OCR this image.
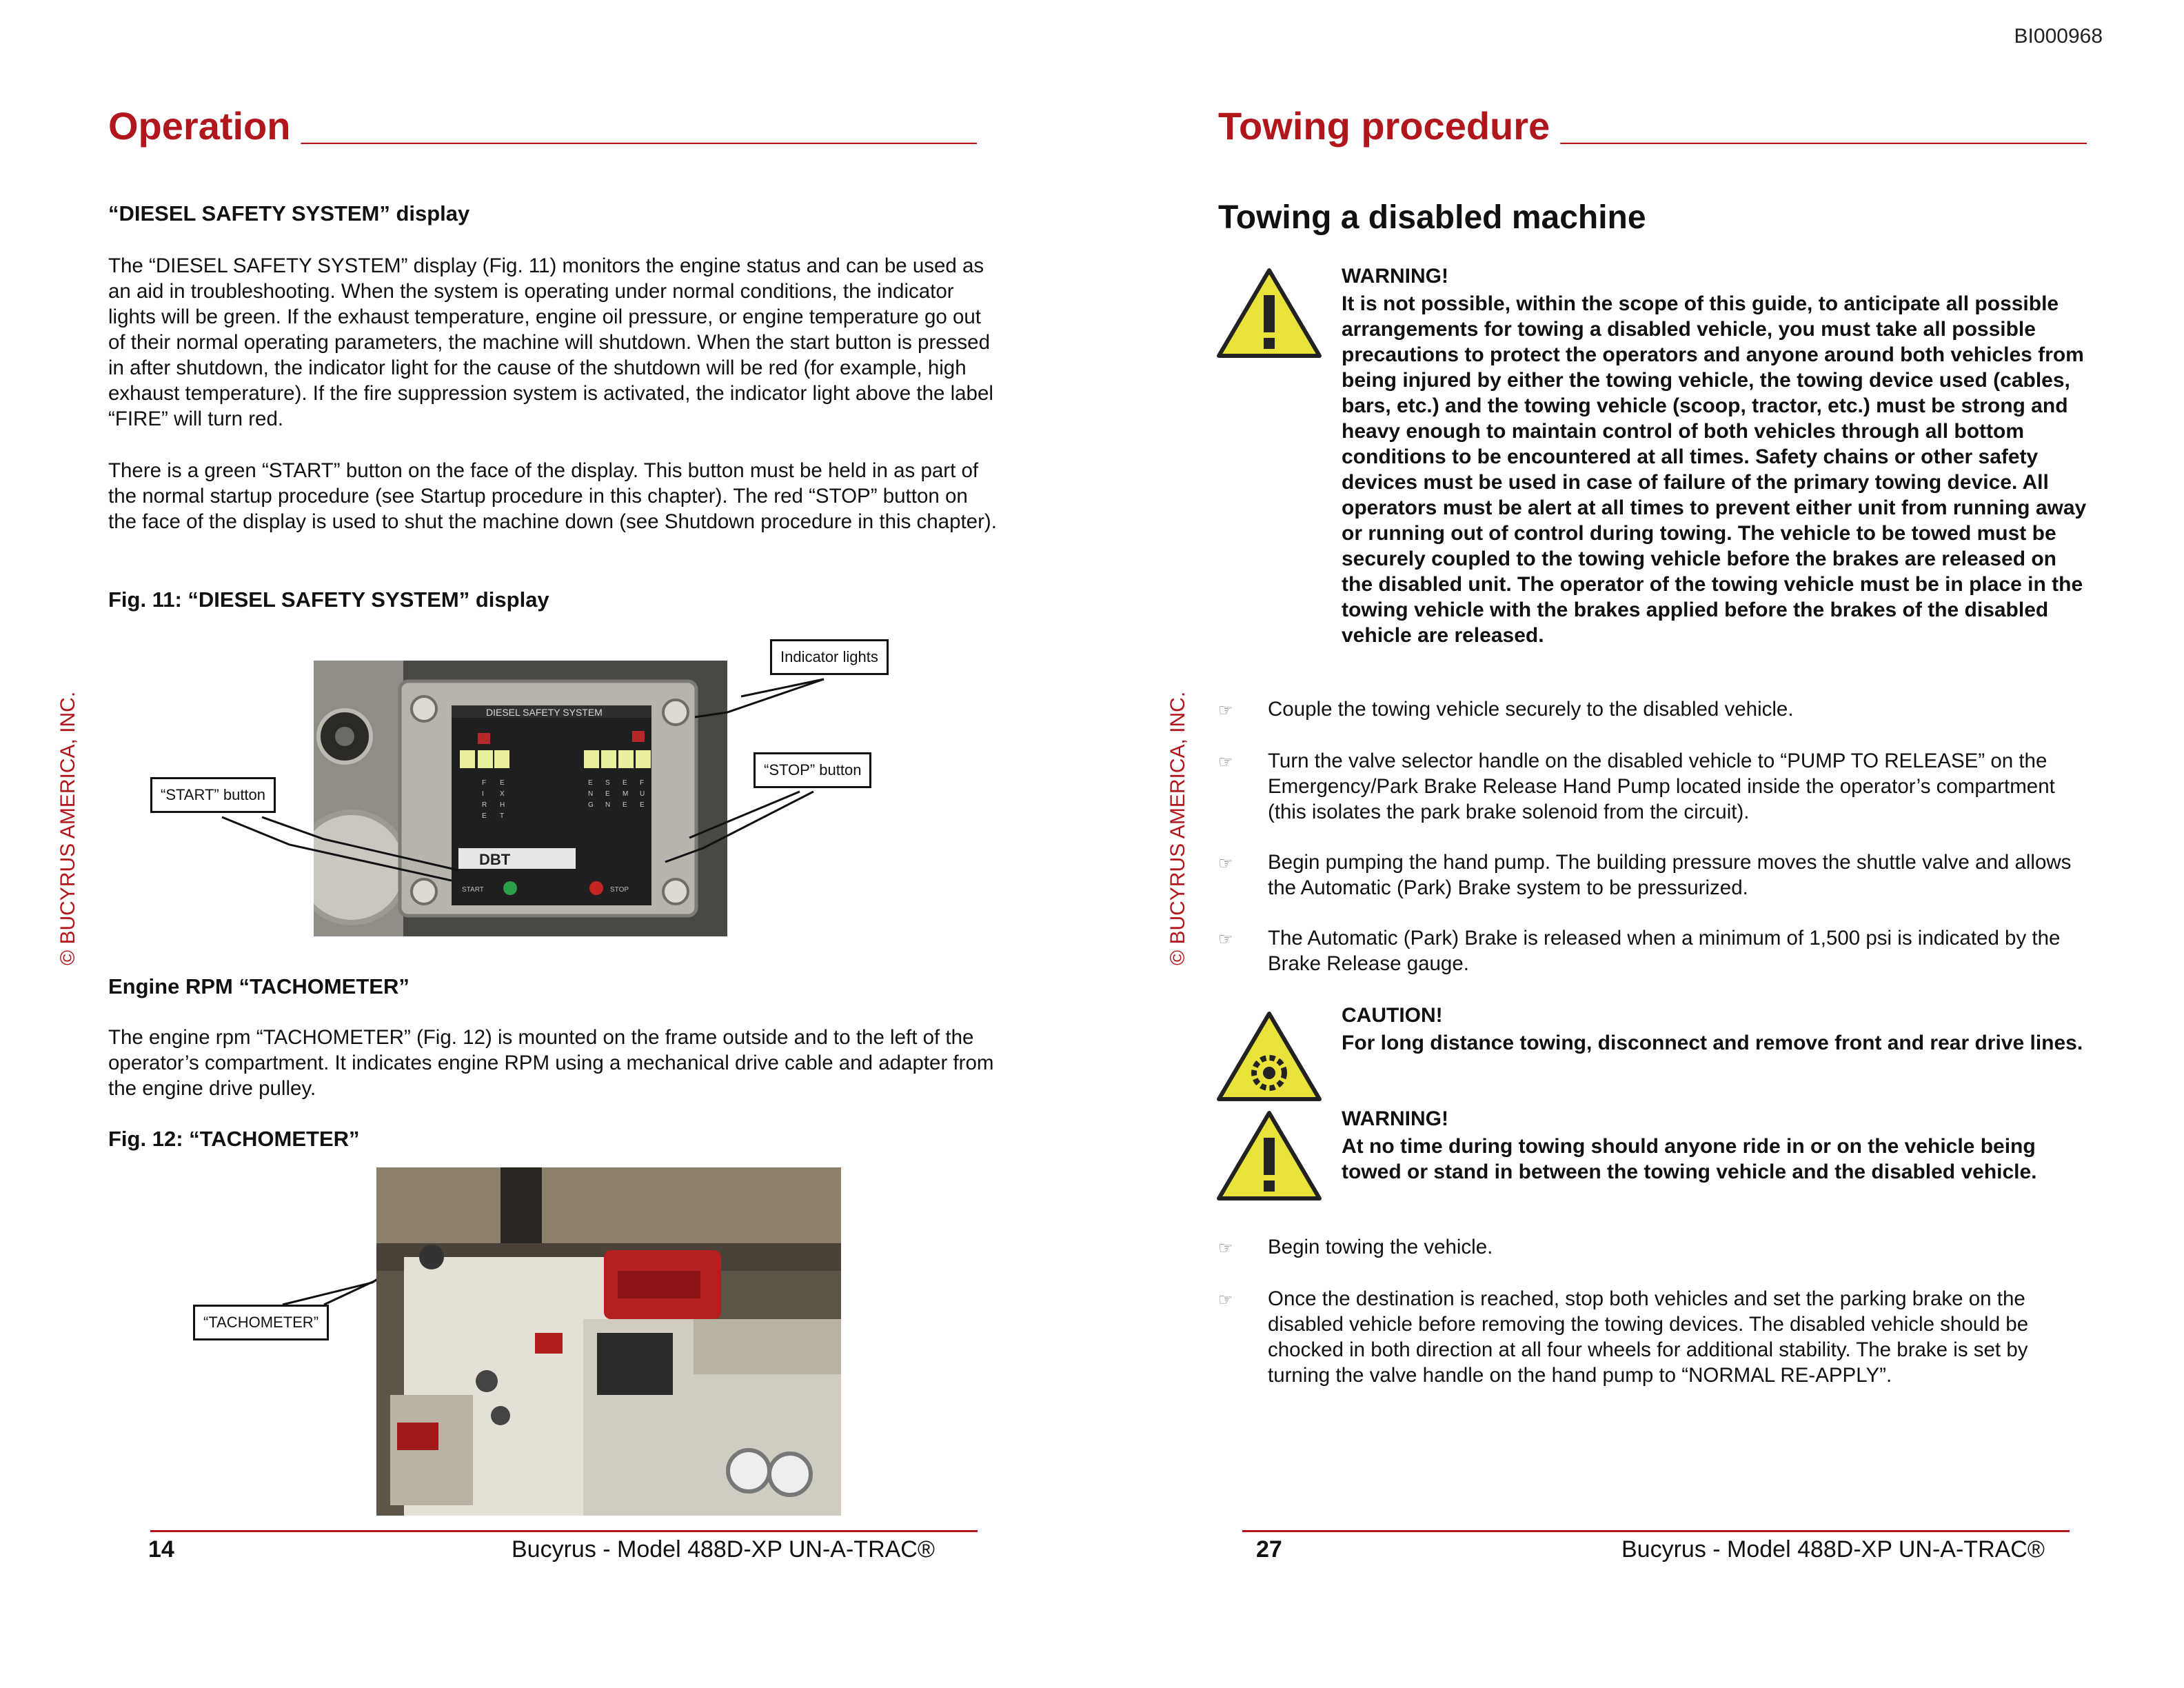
BI000968
Operation _____
© BUCYRUS AMERICA, INC.
“DIESEL SAFETY SYSTEM” display

The “DIESEL SAFETY SYSTEM” display (Fig. 11) monitors the engine status and can be used as an aid in troubleshooting. When the system is operating under normal conditions, the indicator lights will be green. If the exhaust temperature, engine oil pressure, or engine temperature go out of their normal operating parameters, the machine will shutdown. When the start button is pressed in after shutdown, the indicator light for the cause of the shutdown will be red (for example, high exhaust temperature). If the fire suppression system is activated, the indicator light above the label “FIRE” will turn red.

There is a green “START” button on the face of the display. This button must be held in as part of the normal startup procedure (see Startup procedure in this chapter). The red “STOP” button on the face of the display is used to shut the machine down (see Shutdown procedure in this chapter).

Fig. 11: “DIESEL SAFETY SYSTEM” display
DIESEL SAFETY SYSTEM
F
I
R
E
E
X
H
T
E
N
G
S
E
N
E
M
E
F
U
E
DBT
START	STOP
Indicator lights
“STOP” button
“START” button
Engine RPM “TACHOMETER”

The engine rpm “TACHOMETER” (Fig. 12) is mounted on the frame outside and to the left of the operator’s compartment. It indicates engine RPM using a mechanical drive cable and adapter from the engine drive pulley.

Fig. 12: “TACHOMETER”
“TACHOMETER”
14	Bucyrus - Model 488D-XP UN-A-TRAC®
Towing procedure _____
© BUCYRUS AMERICA, INC.
Towing a disabled machine
WARNING!
It is not possible, within the scope of this guide, to anticipate all possible arrangements for towing a disabled vehicle, you must take all possible precautions to protect the operators and anyone around both vehicles from being injured by either the towing vehicle, the towing device used (cables, bars, etc.) and the towing vehicle (scoop, tractor, etc.) must be strong and heavy enough to maintain control of both vehicles through all bottom conditions to be encountered at all times. Safety chains or other safety devices must be used in case of failure of the primary towing device. All operators must be alert at all times to prevent either unit from running away or running out of control during towing. The vehicle to be towed must be securely coupled to the towing vehicle before the brakes are released on the disabled unit. The operator of the towing vehicle must be in place in the towing vehicle with the brakes applied before the brakes of the disabled vehicle are released.
☞ Couple the towing vehicle securely to the disabled vehicle.
☞ Turn the valve selector handle on the disabled vehicle to “PUMP TO RELEASE” on the Emergency/Park Brake Release Hand Pump located inside the operator’s compartment (this isolates the park brake solenoid from the circuit).
☞ Begin pumping the hand pump. The building pressure moves the shuttle valve and allows the Automatic (Park) Brake system to be pressurized.
☞ The Automatic (Park) Brake is released when a minimum of 1,500 psi is indicated by the Brake Release gauge.
CAUTION!
For long distance towing, disconnect and remove front and rear drive lines.
WARNING!
At no time during towing should anyone ride in or on the vehicle being towed or stand in between the towing vehicle and the disabled vehicle.
☞ Begin towing the vehicle.
☞ Once the destination is reached, stop both vehicles and set the parking brake on the disabled vehicle before removing the towing devices. The disabled vehicle should be chocked in both direction at all four wheels for additional stability. The brake is set by turning the valve handle on the hand pump to “NORMAL RE-APPLY”.
27	Bucyrus - Model 488D-XP UN-A-TRAC®
